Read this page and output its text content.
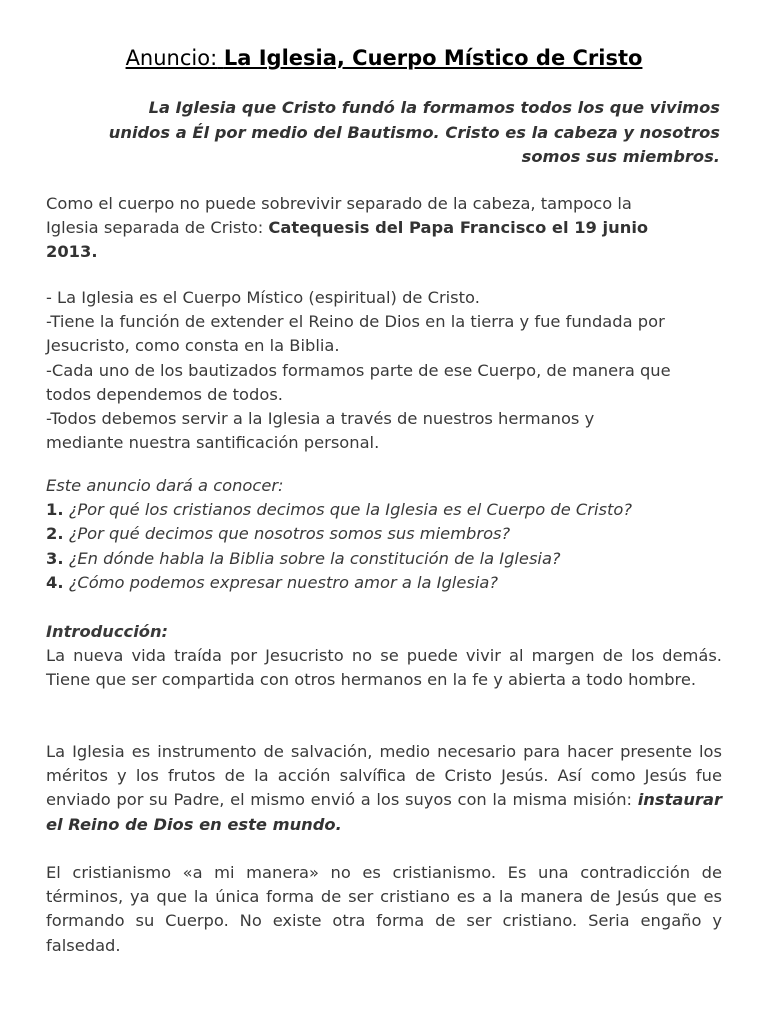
Anuncio: La Iglesia, Cuerpo Místico de Cristo
La Iglesia que Cristo fundó la formamos todos los que vivimos
unidos a Él por medio del Bautismo. Cristo es la cabeza y nosotros
somos sus miembros.
Como el cuerpo no puede sobrevivir separado de la cabeza, tampoco la
Iglesia separada de Cristo: Catequesis del Papa Francisco el 19 junio
2013.
- La Iglesia es el Cuerpo Místico (espiritual) de Cristo.
-Tiene la función de extender el Reino de Dios en la tierra y fue fundada por
Jesucristo, como consta en la Biblia.
-Cada uno de los bautizados formamos parte de ese Cuerpo, de manera que
todos dependemos de todos.
-Todos debemos servir a la Iglesia a través de nuestros hermanos y
mediante nuestra santificación personal.
Este anuncio dará a conocer:
1. ¿Por qué los cristianos decimos que la Iglesia es el Cuerpo de Cristo?
2. ¿Por qué decimos que nosotros somos sus miembros?
3. ¿En dónde habla la Biblia sobre la constitución de la Iglesia?
4. ¿Cómo podemos expresar nuestro amor a la Iglesia?
Introducción:

La nueva vida traída por Jesucristo no se puede vivir al margen de los demás. Tiene que ser compartida con otros hermanos en la fe y abierta a todo hombre.

La Iglesia es instrumento de salvación, medio necesario para hacer presente los méritos y los frutos de la acción salvífica de Cristo Jesús. Así como Jesús fue enviado por su Padre, el mismo envió a los suyos con la misma misión: instaurar el Reino de Dios en este mundo.

El cristianismo «a mi manera» no es cristianismo. Es una contradicción de términos, ya que la única forma de ser cristiano es a la manera de Jesús que es formando su Cuerpo. No existe otra forma de ser cristiano. Seria engaño y falsedad.
